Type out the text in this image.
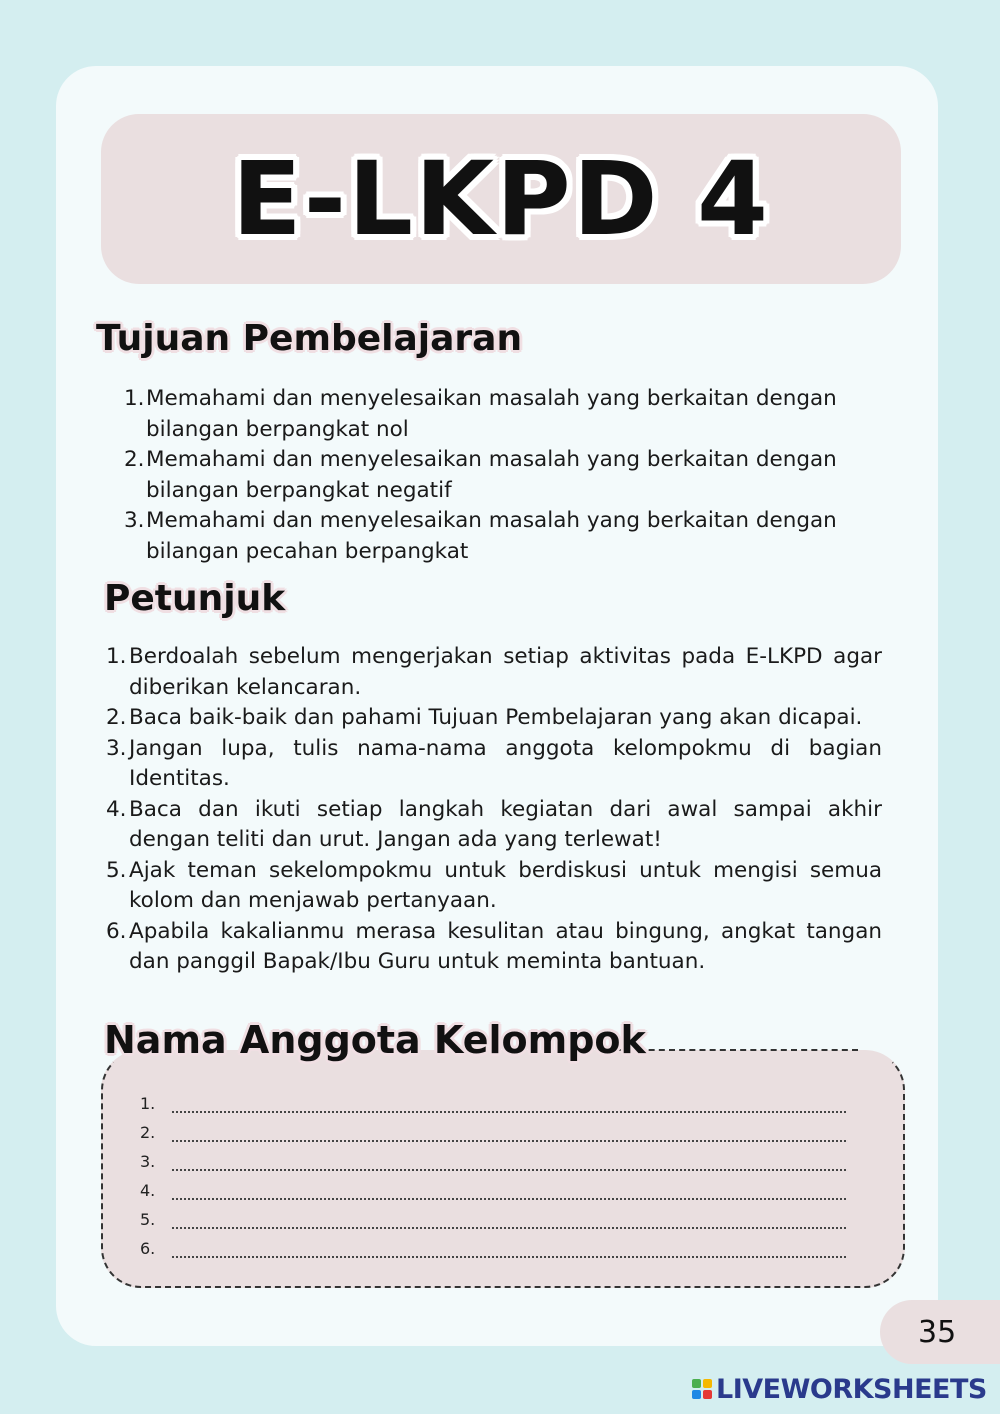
E-LKPD 4
Tujuan Pembelajaran
1. Memahami dan menyelesaikan masalah yang berkaitan dengan bilangan berpangkat nol
2. Memahami dan menyelesaikan masalah yang berkaitan dengan bilangan berpangkat negatif
3. Memahami dan menyelesaikan masalah yang berkaitan dengan bilangan pecahan berpangkat
Petunjuk
1. Berdoalah sebelum mengerjakan setiap aktivitas pada E-LKPD agar diberikan kelancaran.
2. Baca baik-baik dan pahami Tujuan Pembelajaran yang akan dicapai.
3. Jangan lupa, tulis nama-nama anggota kelompokmu di bagian Identitas.
4. Baca dan ikuti setiap langkah kegiatan dari awal sampai akhir dengan teliti dan urut. Jangan ada yang terlewat!
5. Ajak teman sekelompokmu untuk berdiskusi untuk mengisi semua kolom dan menjawab pertanyaan.
6. Apabila kakalianmu merasa kesulitan atau bingung, angkat tangan dan panggil Bapak/Ibu Guru untuk meminta bantuan.
Nama Anggota Kelompok
1.
2.
3.
4.
5.
6.
35
LIVEWORKSHEETS
